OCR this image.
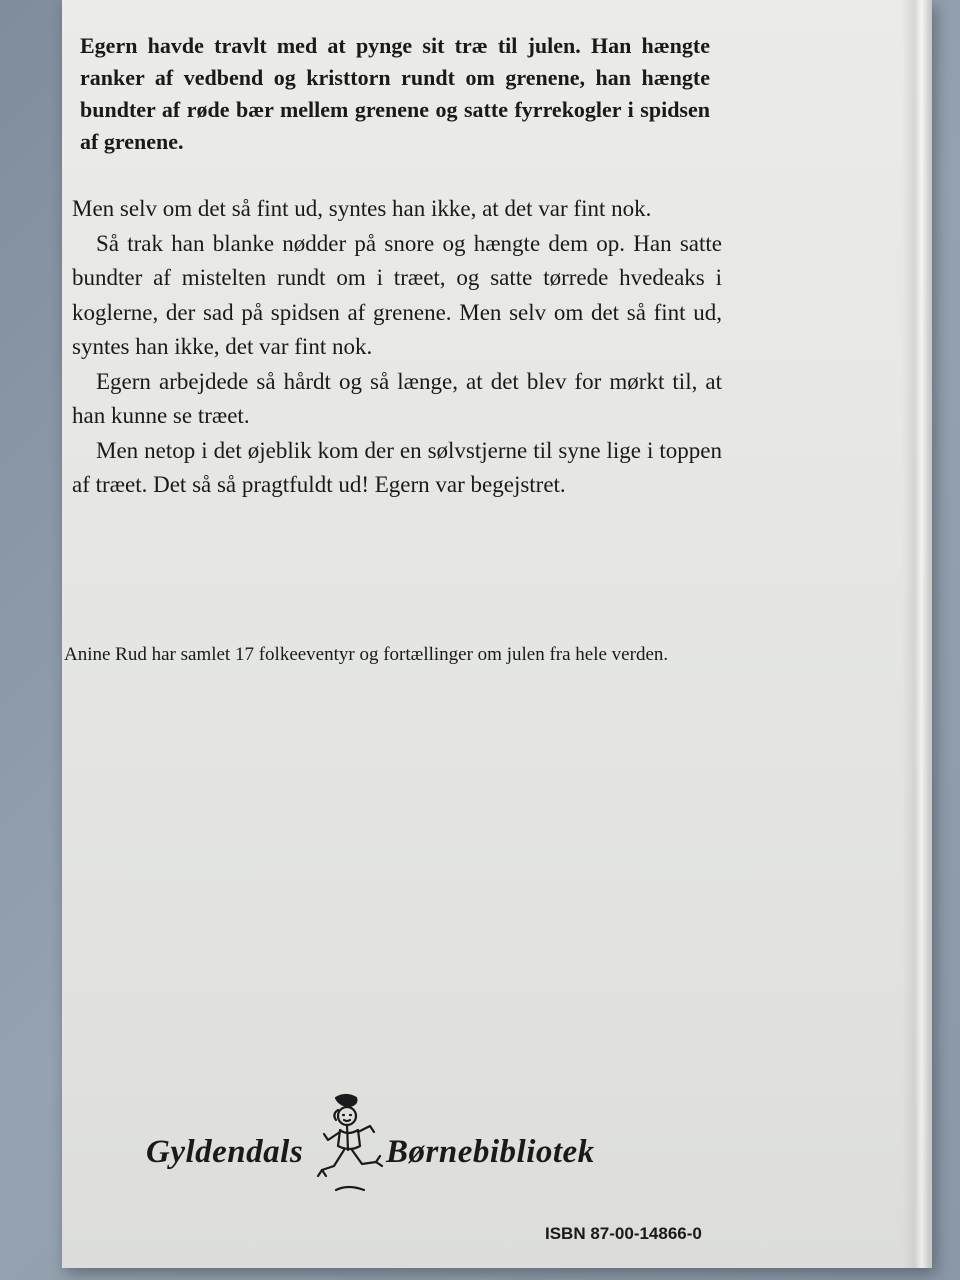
Egern havde travlt med at pynge sit træ til julen. Han hængte ranker af vedbend og kristtorn rundt om grenene, han hængte bundter af røde bær mellem grenene og satte fyrrekogler i spidsen af grenene.

Men selv om det så fint ud, syntes han ikke, at det var fint nok.

Så trak han blanke nødder på snore og hængte dem op. Han satte bundter af mistelten rundt om i træet, og satte tørrede hvedeaks i koglerne, der sad på spidsen af grenene. Men selv om det så fint ud, syntes han ikke, det var fint nok.

Egern arbejdede så hårdt og så længe, at det blev for mørkt til, at han kunne se træet.

Men netop i det øjeblik kom der en sølvstjerne til syne lige i toppen af træet. Det så så pragtfuldt ud! Egern var begejstret.

Anine Rud har samlet 17 folkeeventyr og fortællinger om julen fra hele verden.
Gyldendals	Børnebibliotek
ISBN 87-00-14866-0
